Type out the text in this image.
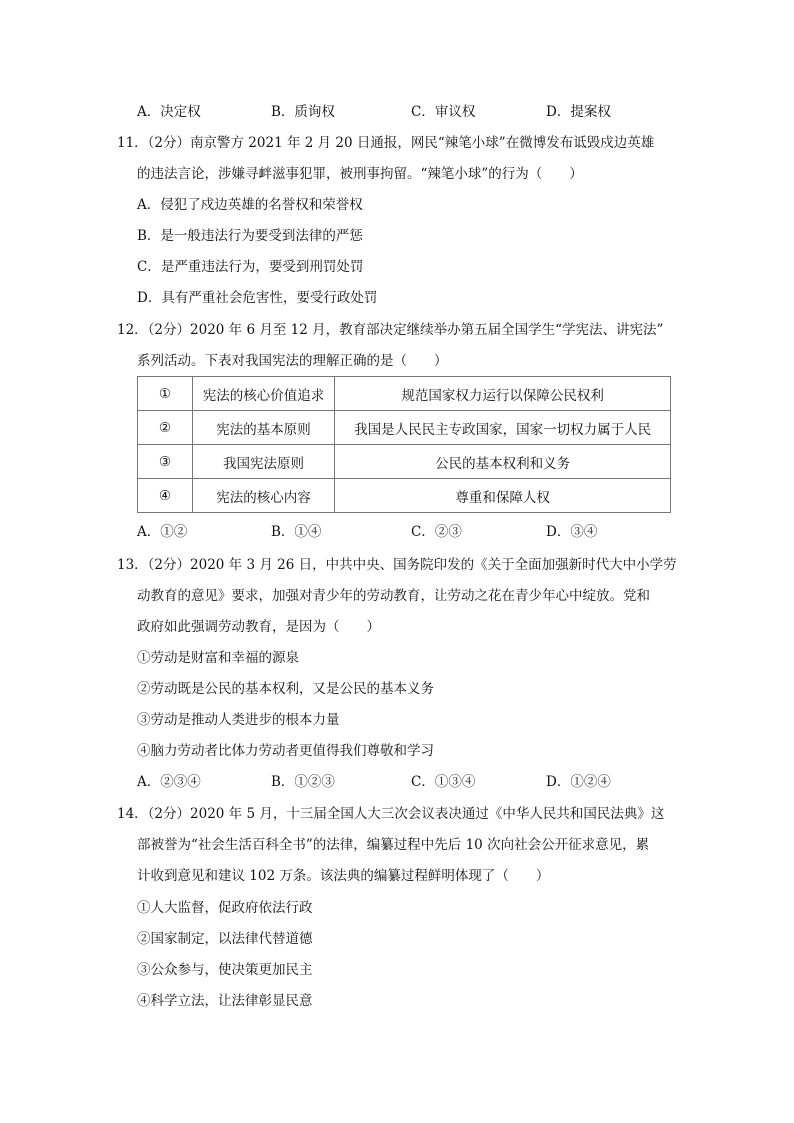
A．决定权	B．质询权	C．审议权	D．提案权
11．（2分）南京警方 2021 年 2 月 20 日通报，网民“辣笔小球”在微博发布诋毁戍边英雄
的违法言论，涉嫌寻衅滋事犯罪，被刑事拘留。“辣笔小球”的行为（　　）
A．侵犯了戍边英雄的名誉权和荣誉权
B．是一般违法行为要受到法律的严惩
C．是严重违法行为，要受到刑罚处罚
D．具有严重社会危害性，要受行政处罚
12．（2分）2020 年 6 月至 12 月，教育部决定继续举办第五届全国学生“学宪法、讲宪法”
系列活动。下表对我国宪法的理解正确的是（　　）
①	宪法的核心价值追求	规范国家权力运行以保障公民权利
②	宪法的基本原则	我国是人民民主专政国家，国家一切权力属于人民
③	我国宪法原则	公民的基本权利和义务
④	宪法的核心内容	尊重和保障人权
A．①②	B．①④	C．②③	D．③④
13．（2分）2020 年 3 月 26 日，中共中央、国务院印发的《关于全面加强新时代大中小学劳
动教育的意见》要求，加强对青少年的劳动教育，让劳动之花在青少年心中绽放。党和
政府如此强调劳动教育，是因为（　　）
①劳动是财富和幸福的源泉
②劳动既是公民的基本权利，又是公民的基本义务
③劳动是推动人类进步的根本力量
④脑力劳动者比体力劳动者更值得我们尊敬和学习
A．②③④	B．①②③	C．①③④	D．①②④
14．（2分）2020 年 5 月，十三届全国人大三次会议表决通过《中华人民共和国民法典》这
部被誉为“社会生活百科全书”的法律，编纂过程中先后 10 次向社会公开征求意见，累
计收到意见和建议 102 万条。该法典的编纂过程鲜明体现了（　　）
①人大监督，促政府依法行政
②国家制定，以法律代替道德
③公众参与，使决策更加民主
④科学立法，让法律彰显民意
